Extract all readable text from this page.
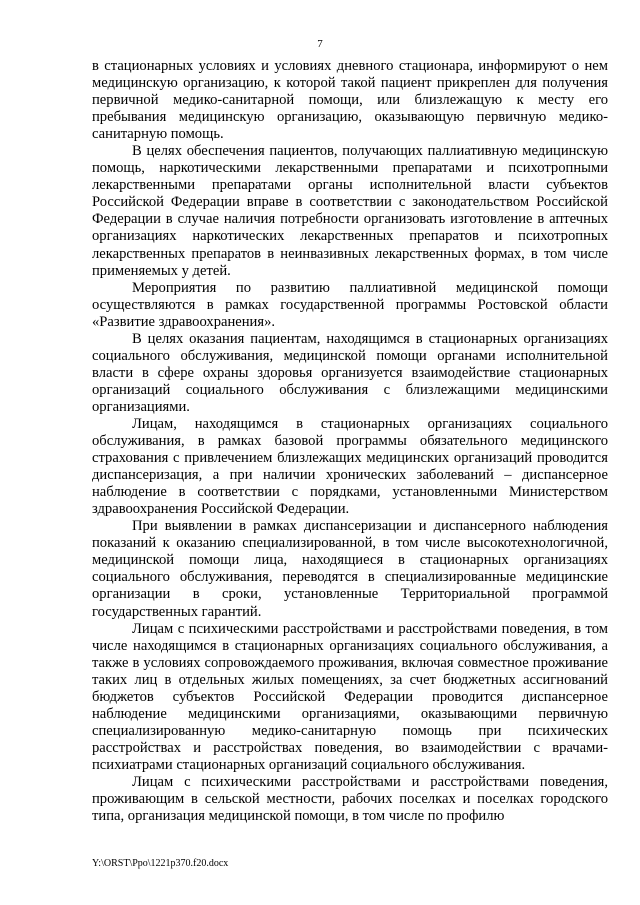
7

в стационарных условиях и условиях дневного стационара, информируют о нем медицинскую организацию, к которой такой пациент прикреплен для получения первичной медико-санитарной помощи, или близлежащую к месту его пребывания медицинскую организацию, оказывающую первичную медико-санитарную помощь.

В целях обеспечения пациентов, получающих паллиативную медицинскую помощь, наркотическими лекарственными препаратами и психотропными лекарственными препаратами органы исполнительной власти субъектов Российской Федерации вправе в соответствии с законодательством Российской Федерации в случае наличия потребности организовать изготовление в аптечных организациях наркотических лекарственных препаратов и психотропных лекарственных препаратов в неинвазивных лекарственных формах, в том числе применяемых у детей.

Мероприятия по развитию паллиативной медицинской помощи осуществляются в рамках государственной программы Ростовской области «Развитие здравоохранения».

В целях оказания пациентам, находящимся в стационарных организациях социального обслуживания, медицинской помощи органами исполнительной власти в сфере охраны здоровья организуется взаимодействие стационарных организаций социального обслуживания с близлежащими медицинскими организациями.

Лицам, находящимся в стационарных организациях социального обслуживания, в рамках базовой программы обязательного медицинского страхования с привлечением близлежащих медицинских организаций проводится диспансеризация, а при наличии хронических заболеваний – диспансерное наблюдение в соответствии с порядками, установленными Министерством здравоохранения Российской Федерации.

При выявлении в рамках диспансеризации и диспансерного наблюдения показаний к оказанию специализированной, в том числе высокотехнологичной, медицинской помощи лица, находящиеся в стационарных организациях социального обслуживания, переводятся в специализированные медицинские организации в сроки, установленные Территориальной программой государственных гарантий.

Лицам с психическими расстройствами и расстройствами поведения, в том числе находящимся в стационарных организациях социального обслуживания, а также в условиях сопровождаемого проживания, включая совместное проживание таких лиц в отдельных жилых помещениях, за счет бюджетных ассигнований бюджетов субъектов Российской Федерации проводится диспансерное наблюдение медицинскими организациями, оказывающими первичную специализированную медико-санитарную помощь при психических расстройствах и расстройствах поведения, во взаимодействии с врачами-психиатрами стационарных организаций социального обслуживания.

Лицам с психическими расстройствами и расстройствами поведения, проживающим в сельской местности, рабочих поселках и поселках городского типа, организация медицинской помощи, в том числе по профилю

Y:\ORST\Ppo\1221p370.f20.docx
